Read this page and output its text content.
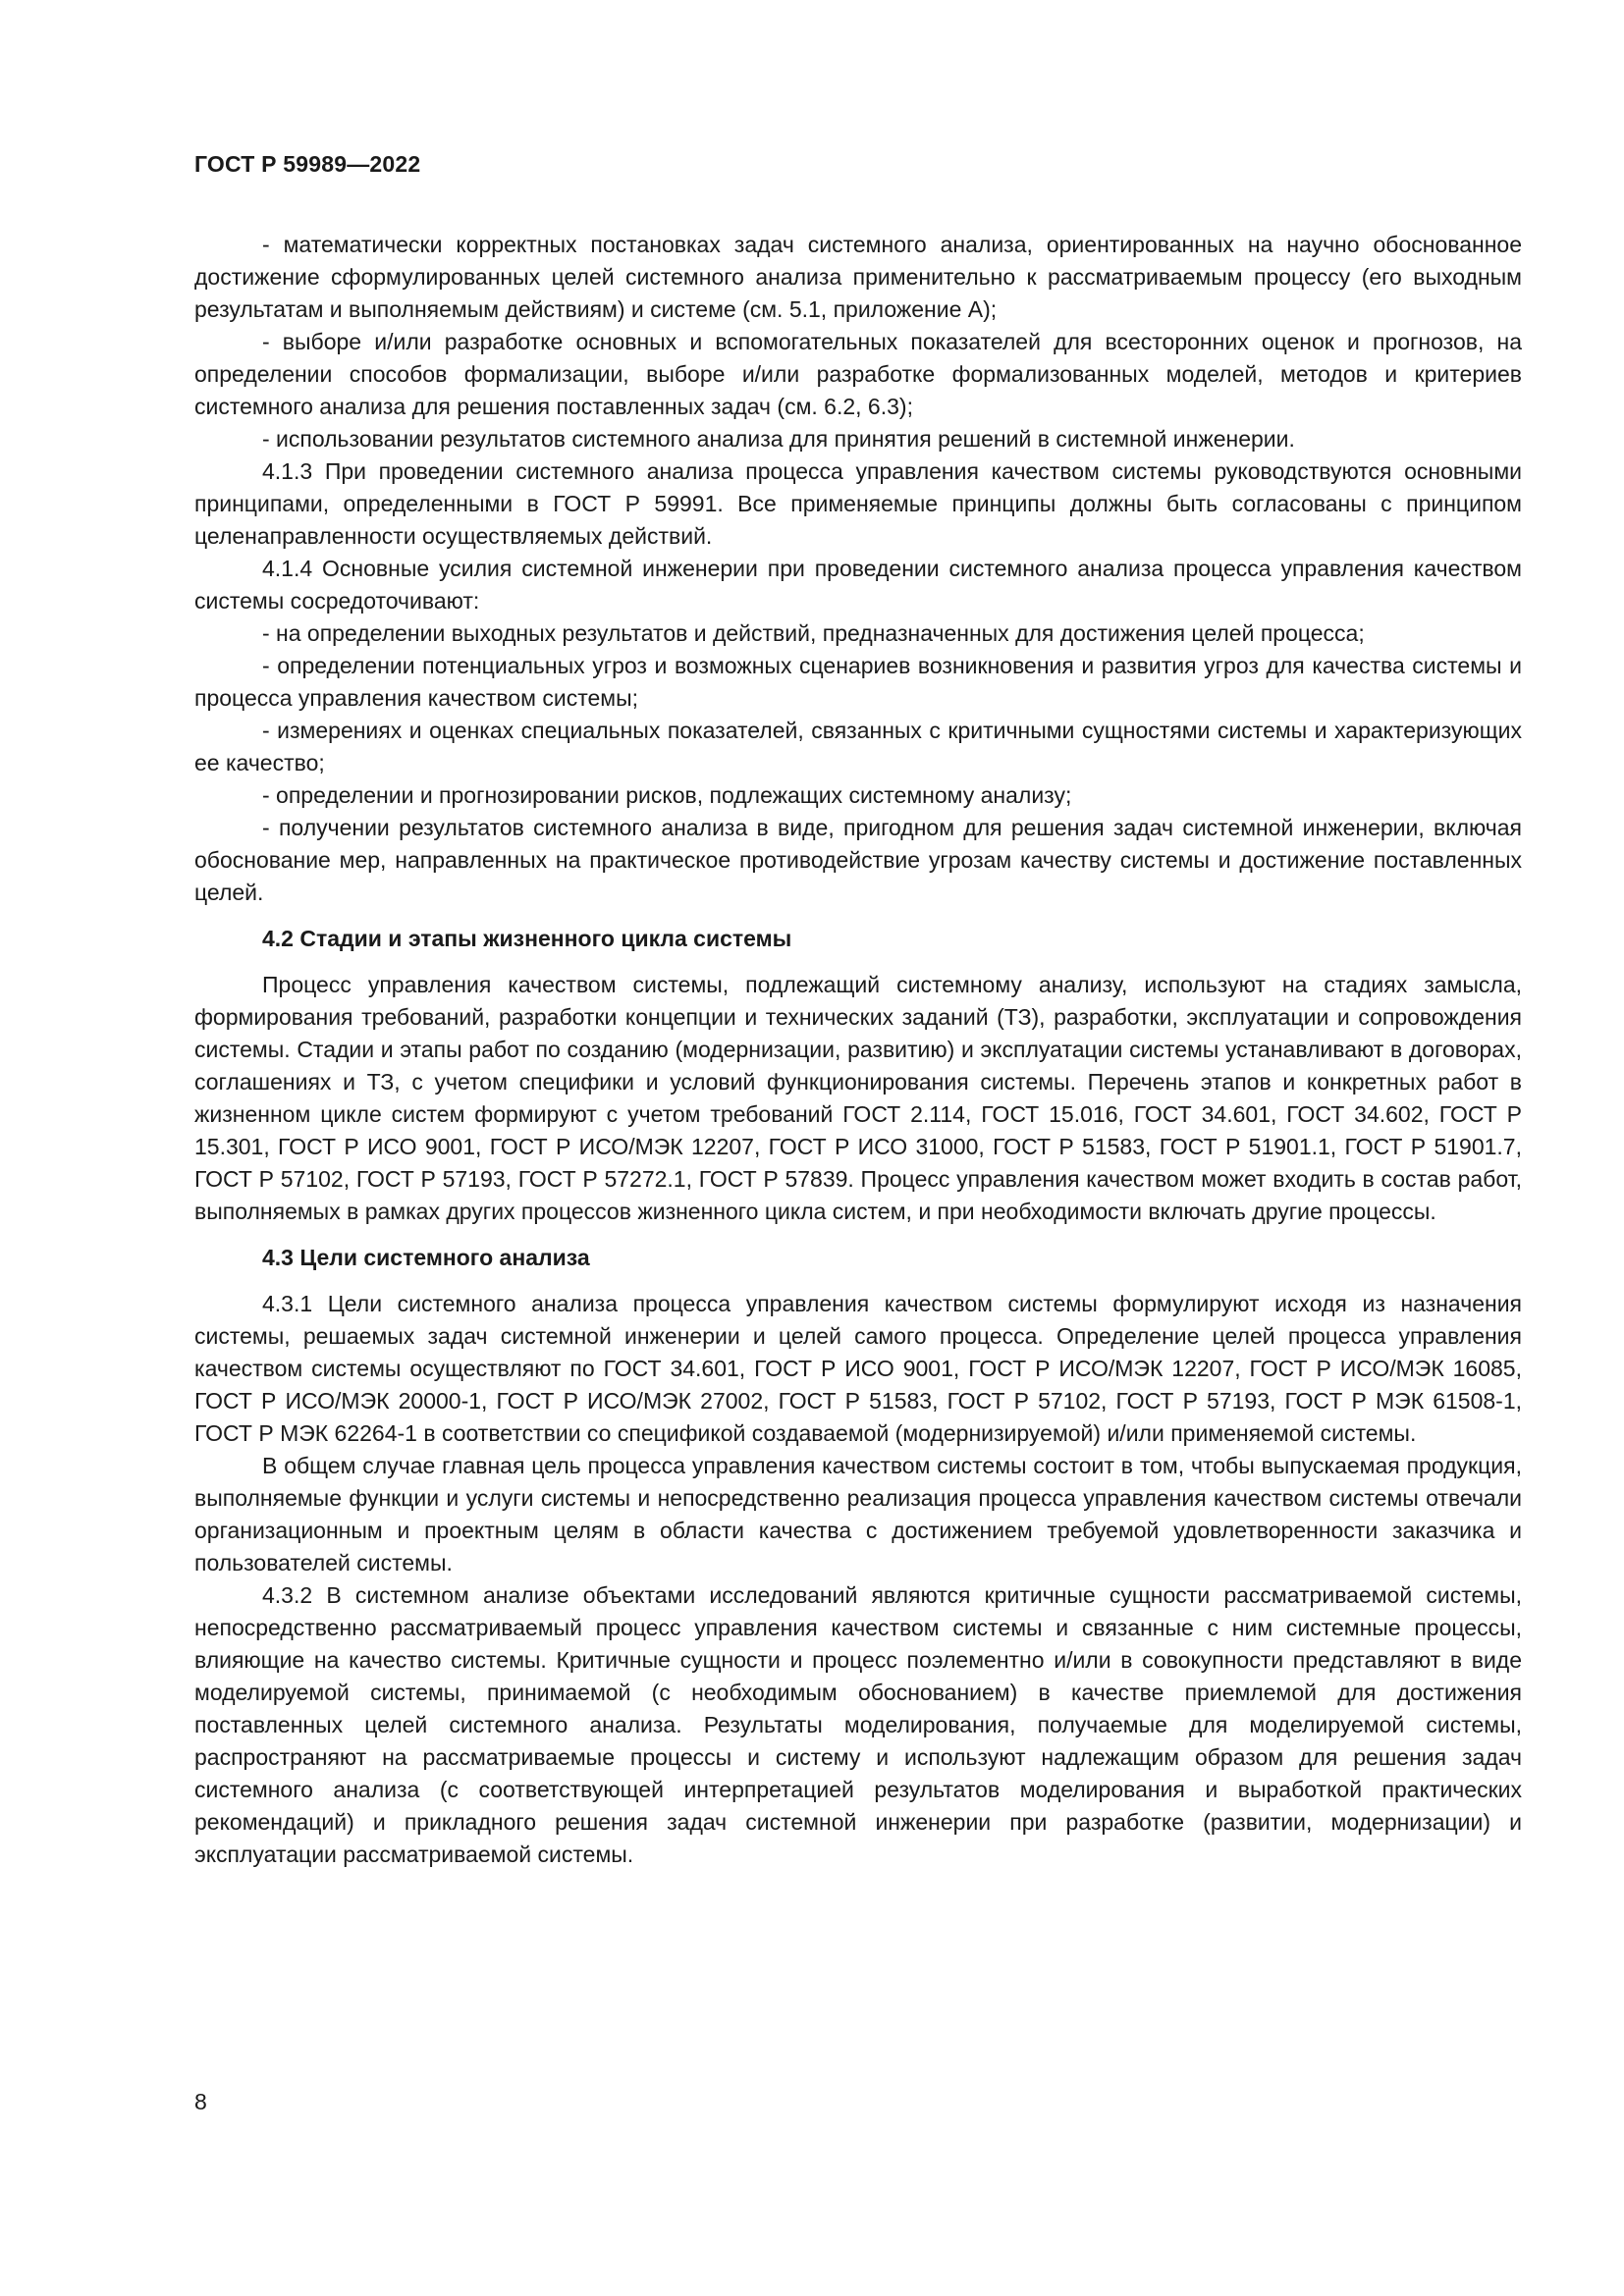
ГОСТ Р 59989—2022

- математически корректных постановках задач системного анализа, ориентированных на научно обоснованное достижение сформулированных целей системного анализа применительно к рассматриваемым процессу (его выходным результатам и выполняемым действиям) и системе (см. 5.1, приложение А);

- выборе и/или разработке основных и вспомогательных показателей для всесторонних оценок и прогнозов, на определении способов формализации, выборе и/или разработке формализованных моделей, методов и критериев системного анализа для решения поставленных задач (см. 6.2, 6.3);

- использовании результатов системного анализа для принятия решений в системной инженерии.

4.1.3 При проведении системного анализа процесса управления качеством системы руководствуются основными принципами, определенными в ГОСТ Р 59991. Все применяемые принципы должны быть согласованы с принципом целенаправленности осуществляемых действий.

4.1.4 Основные усилия системной инженерии при проведении системного анализа процесса управления качеством системы сосредоточивают:

- на определении выходных результатов и действий, предназначенных для достижения целей процесса;

- определении потенциальных угроз и возможных сценариев возникновения и развития угроз для качества системы и процесса управления качеством системы;

- измерениях и оценках специальных показателей, связанных с критичными сущностями системы и характеризующих ее качество;

- определении и прогнозировании рисков, подлежащих системному анализу;

- получении результатов системного анализа в виде, пригодном для решения задач системной инженерии, включая обоснование мер, направленных на практическое противодействие угрозам качеству системы и достижение поставленных целей.

4.2 Стадии и этапы жизненного цикла системы

Процесс управления качеством системы, подлежащий системному анализу, используют на стадиях замысла, формирования требований, разработки концепции и технических заданий (ТЗ), разработки, эксплуатации и сопровождения системы. Стадии и этапы работ по созданию (модернизации, развитию) и эксплуатации системы устанавливают в договорах, соглашениях и ТЗ, с учетом специфики и условий функционирования системы. Перечень этапов и конкретных работ в жизненном цикле систем формируют с учетом требований ГОСТ 2.114, ГОСТ 15.016, ГОСТ 34.601, ГОСТ 34.602, ГОСТ Р 15.301, ГОСТ Р ИСО 9001, ГОСТ Р ИСО/МЭК 12207, ГОСТ Р ИСО 31000, ГОСТ Р 51583, ГОСТ Р 51901.1, ГОСТ Р 51901.7, ГОСТ Р 57102, ГОСТ Р 57193, ГОСТ Р 57272.1, ГОСТ Р 57839. Процесс управления качеством может входить в состав работ, выполняемых в рамках других процессов жизненного цикла систем, и при необходимости включать другие процессы.

4.3 Цели системного анализа

4.3.1 Цели системного анализа процесса управления качеством системы формулируют исходя из назначения системы, решаемых задач системной инженерии и целей самого процесса. Определение целей процесса управления качеством системы осуществляют по ГОСТ 34.601, ГОСТ Р ИСО 9001, ГОСТ Р ИСО/МЭК 12207, ГОСТ Р ИСО/МЭК 16085, ГОСТ Р ИСО/МЭК 20000-1, ГОСТ Р ИСО/МЭК 27002, ГОСТ Р 51583, ГОСТ Р 57102, ГОСТ Р 57193, ГОСТ Р МЭК 61508-1, ГОСТ Р МЭК 62264-1 в соответствии со спецификой создаваемой (модернизируемой) и/или применяемой системы.

В общем случае главная цель процесса управления качеством системы состоит в том, чтобы выпускаемая продукция, выполняемые функции и услуги системы и непосредственно реализация процесса управления качеством системы отвечали организационным и проектным целям в области качества с достижением требуемой удовлетворенности заказчика и пользователей системы.

4.3.2 В системном анализе объектами исследований являются критичные сущности рассматриваемой системы, непосредственно рассматриваемый процесс управления качеством системы и связанные с ним системные процессы, влияющие на качество системы. Критичные сущности и процесс поэлементно и/или в совокупности представляют в виде моделируемой системы, принимаемой (с необходимым обоснованием) в качестве приемлемой для достижения поставленных целей системного анализа. Результаты моделирования, получаемые для моделируемой системы, распространяют на рассматриваемые процессы и систему и используют надлежащим образом для решения задач системного анализа (с соответствующей интерпретацией результатов моделирования и выработкой практических рекомендаций) и прикладного решения задач системной инженерии при разработке (развитии, модернизации) и эксплуатации рассматриваемой системы.

8
